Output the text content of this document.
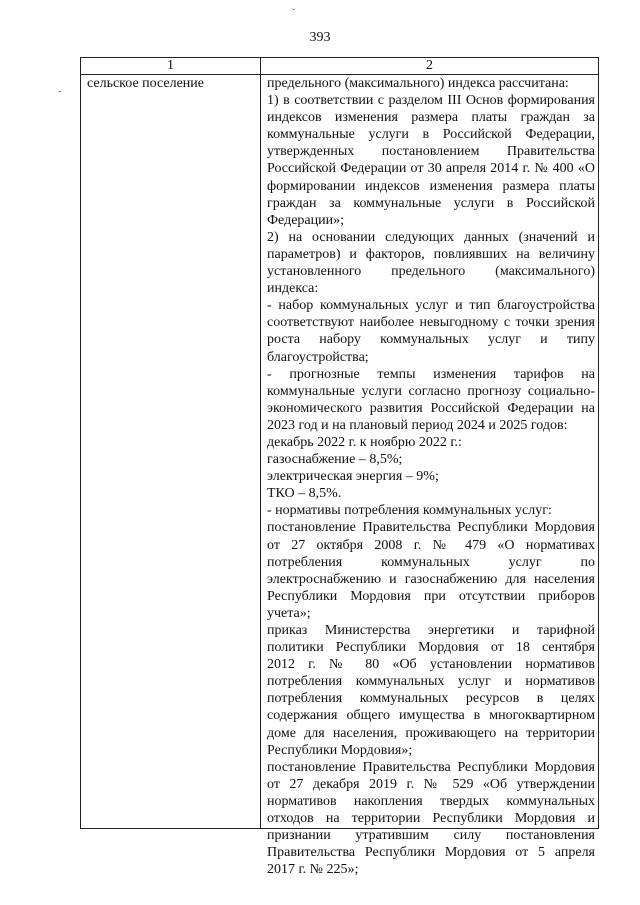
393
ˇ
-
1	2
сельское поселение	предельного (максимального) индекса рассчитана:
1) в соответствии с разделом III Основ формирования
индексов изменения размера платы граждан за
коммунальные услуги в Российской Федерации,
утвержденных постановлением Правительства
Российской Федерации от 30 апреля 2014 г. № 400 «О
формировании индексов изменения размера платы
граждан за коммунальные услуги в Российской
Федерации»;
2) на основании следующих данных (значений и
параметров) и факторов, повлиявших на величину
установленного предельного (максимального)
индекса:
- набор коммунальных услуг и тип благоустройства
соответствуют наиболее невыгодному с точки зрения
роста набору коммунальных услуг и типу
благоустройства;
- прогнозные темпы изменения тарифов на
коммунальные услуги согласно прогнозу социально-
экономического развития Российской Федерации на
2023 год и на плановый период 2024 и 2025 годов:
декабрь 2022 г. к ноябрю 2022 г.:
газоснабжение – 8,5%;
электрическая энергия – 9%;
ТКО – 8,5%.
- нормативы потребления коммунальных услуг:
постановление Правительства Республики Мордовия
от 27 октября 2008 г. № 479 «О нормативах
потребления коммунальных услуг по
электроснабжению и газоснабжению для населения
Республики Мордовия при отсутствии приборов
учета»;
приказ Министерства энергетики и тарифной
политики Республики Мордовия от 18 сентября
2012 г. № 80 «Об установлении нормативов
потребления коммунальных услуг и нормативов
потребления коммунальных ресурсов в целях
содержания общего имущества в многоквартирном
доме для населения, проживающего на территории
Республики Мордовия»;
постановление Правительства Республики Мордовия
от 27 декабря 2019 г. № 529 «Об утверждении
нормативов накопления твердых коммунальных
отходов на территории Республики Мордовия и
признании утратившим силу постановления
Правительства Республики Мордовия от 5 апреля
2017 г. № 225»;
